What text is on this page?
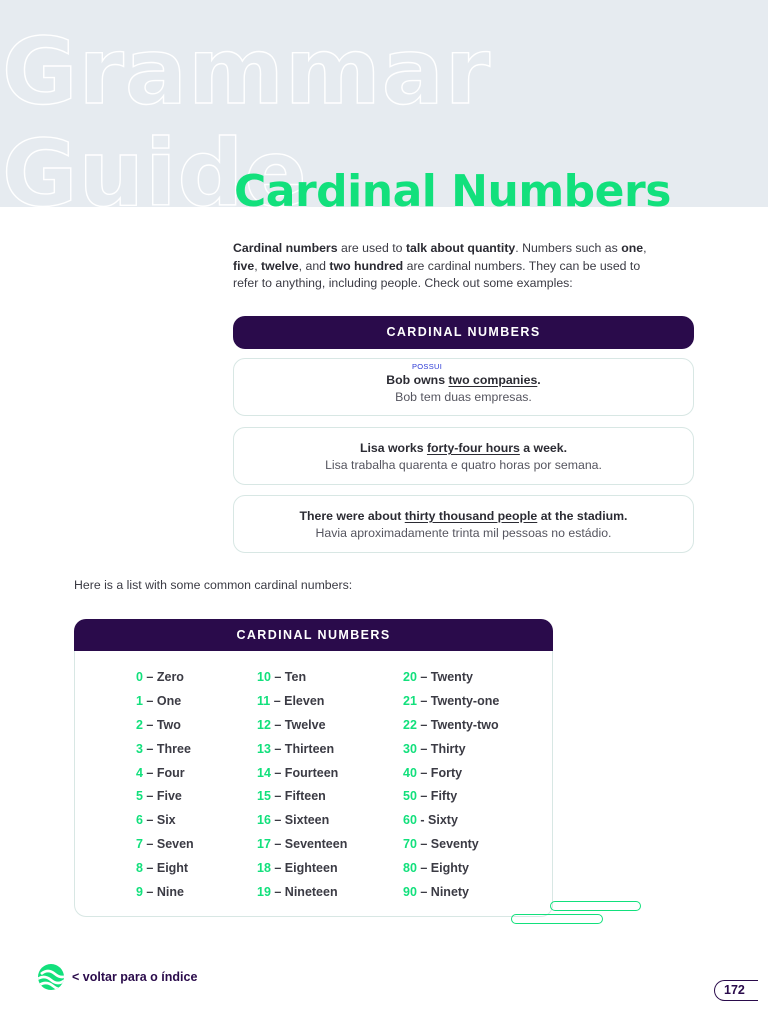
Grammar
Guide
Cardinal Numbers

Cardinal numbers are used to talk about quantity. Numbers such as one, five, twelve, and two hundred are cardinal numbers. They can be used to refer to anything, including people. Check out some examples:

CARDINAL NUMBERS
POSSUI
Bob owns two companies.
Bob tem duas empresas.
Lisa works forty-four hours a week.
Lisa trabalha quarenta e quatro horas por semana.
There were about thirty thousand people at the stadium.
Havia aproximadamente trinta mil pessoas no estádio.

Here is a list with some common cardinal numbers:

CARDINAL NUMBERS
0 – Zero
1 – One
2 – Two
3 – Three
4 – Four
5 – Five
6 – Six
7 – Seven
8 – Eight
9 – Nine
10 – Ten
11 – Eleven
12 – Twelve
13 – Thirteen
14 – Fourteen
15 – Fifteen
16 – Sixteen
17 – Seventeen
18 – Eighteen
19 – Nineteen
20 – Twenty
21 – Twenty-one
22 – Twenty-two
30 – Thirty
40 – Forty
50 – Fifty
60 - Sixty
70 – Seventy
80 – Eighty
90 – Ninety
< voltar para o índice
172
